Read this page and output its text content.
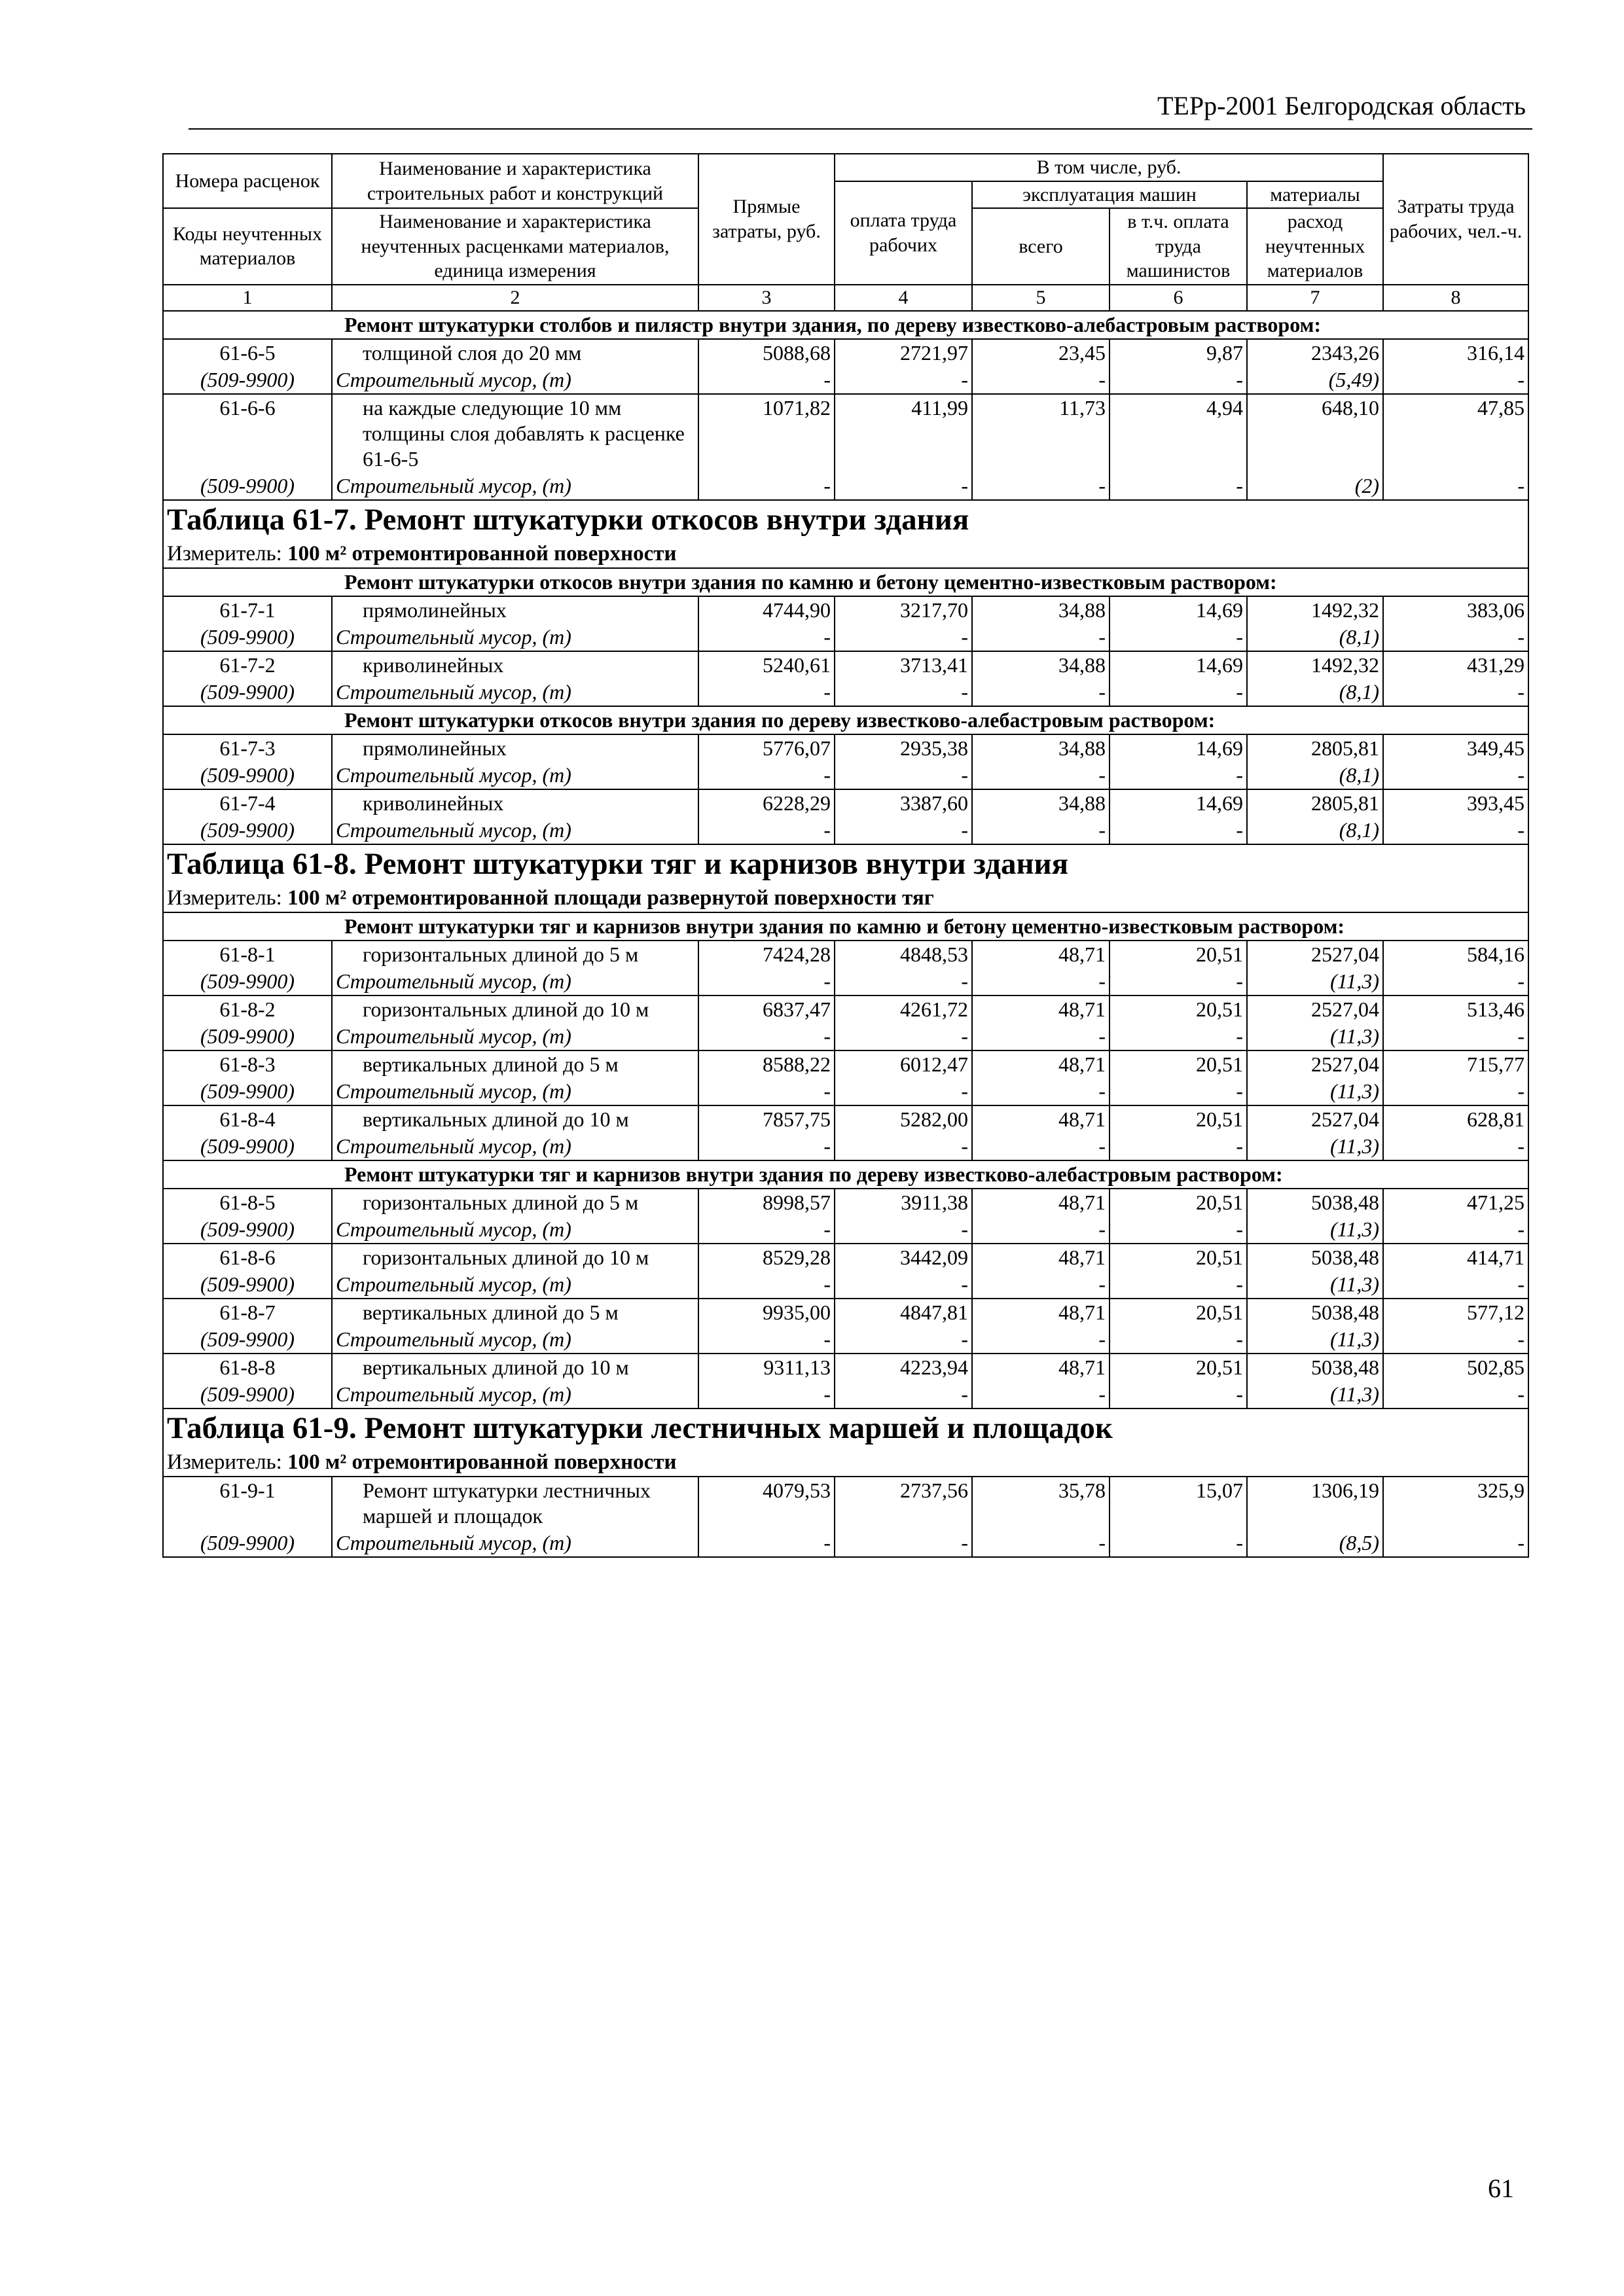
ТЕРр-2001 Белгородская область
Номера расценок	Наименование и характеристика строительных работ и конструкций	Прямые затраты, руб.	В том числе, руб.				Затраты труда рабочих, чел.-ч.
			оплата труда рабочих	эксплуатация машин		материалы	
Коды неучтенных материалов	Наименование и характеристика неучтенных расценками материалов, единица измерения			всего	в т.ч. оплата труда машинистов	расход неучтенных материалов	

1	2	3	4	5	6	7	8
Ремонт штукатурки столбов и пилястр внутри здания, по дереву известково-алебастровым раствором:							
61-6-5	толщиной слоя до 20 мм	5088,68	2721,97	23,45	9,87	2343,26	316,14
(509-9900)	Строительный мусор, (т)	-	-	-	-	(5,49)	-
61-6-6	на каждые следующие 10 мм толщины слоя добавлять к расценке 61-6-5	1071,82	411,99	11,73	4,94	648,10	47,85
(509-9900)	Строительный мусор, (т)	-	-	-	-	(2)	-
Таблица 61-7. Ремонт штукатурки откосов внутри здания							
Измеритель: 100 м² отремонтированной поверхности							
Ремонт штукатурки откосов внутри здания по камню и бетону цементно-известковым раствором:							
61-7-1	прямолинейных	4744,90	3217,70	34,88	14,69	1492,32	383,06
(509-9900)	Строительный мусор, (т)	-	-	-	-	(8,1)	-
61-7-2	криволинейных	5240,61	3713,41	34,88	14,69	1492,32	431,29
(509-9900)	Строительный мусор, (т)	-	-	-	-	(8,1)	-
Ремонт штукатурки откосов внутри здания по дереву известково-алебастровым раствором:							
61-7-3	прямолинейных	5776,07	2935,38	34,88	14,69	2805,81	349,45
(509-9900)	Строительный мусор, (т)	-	-	-	-	(8,1)	-
61-7-4	криволинейных	6228,29	3387,60	34,88	14,69	2805,81	393,45
(509-9900)	Строительный мусор, (т)	-	-	-	-	(8,1)	-
Таблица 61-8. Ремонт штукатурки тяг и карнизов внутри здания							
Измеритель: 100 м² отремонтированной площади развернутой поверхности тяг							
Ремонт штукатурки тяг и карнизов внутри здания по камню и бетону цементно-известковым раствором:							
61-8-1	горизонтальных длиной до 5 м	7424,28	4848,53	48,71	20,51	2527,04	584,16
(509-9900)	Строительный мусор, (т)	-	-	-	-	(11,3)	-
61-8-2	горизонтальных длиной до 10 м	6837,47	4261,72	48,71	20,51	2527,04	513,46
(509-9900)	Строительный мусор, (т)	-	-	-	-	(11,3)	-
61-8-3	вертикальных длиной до 5 м	8588,22	6012,47	48,71	20,51	2527,04	715,77
(509-9900)	Строительный мусор, (т)	-	-	-	-	(11,3)	-
61-8-4	вертикальных длиной до 10 м	7857,75	5282,00	48,71	20,51	2527,04	628,81
(509-9900)	Строительный мусор, (т)	-	-	-	-	(11,3)	-
Ремонт штукатурки тяг и карнизов внутри здания по дереву известково-алебастровым раствором:							
61-8-5	горизонтальных длиной до 5 м	8998,57	3911,38	48,71	20,51	5038,48	471,25
(509-9900)	Строительный мусор, (т)	-	-	-	-	(11,3)	-
61-8-6	горизонтальных длиной до 10 м	8529,28	3442,09	48,71	20,51	5038,48	414,71
(509-9900)	Строительный мусор, (т)	-	-	-	-	(11,3)	-
61-8-7	вертикальных длиной до 5 м	9935,00	4847,81	48,71	20,51	5038,48	577,12
(509-9900)	Строительный мусор, (т)	-	-	-	-	(11,3)	-
61-8-8	вертикальных длиной до 10 м	9311,13	4223,94	48,71	20,51	5038,48	502,85
(509-9900)	Строительный мусор, (т)	-	-	-	-	(11,3)	-
Таблица 61-9. Ремонт штукатурки лестничных маршей и площадок							
Измеритель: 100 м² отремонтированной поверхности							
61-9-1	Ремонт штукатурки лестничных маршей и площадок	4079,53	2737,56	35,78	15,07	1306,19	325,9
(509-9900)	Строительный мусор, (т)	-	-	-	-	(8,5)	-
61
